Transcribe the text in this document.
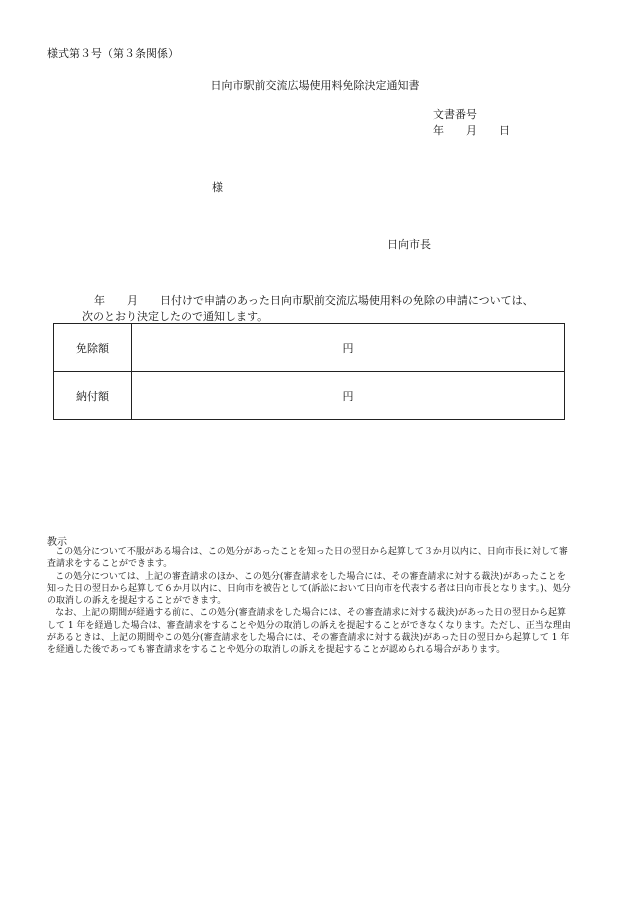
様式第３号（第３条関係）
日向市駅前交流広場使用料免除決定通知書
文書番号
年 月 日
様
日向市長
年　　月　　日付けで申請のあった日向市駅前交流広場使用料の免除の申請については、
次のとおり決定したので通知します。
免除額	円
納付額	円
教示

この処分について不服がある場合は、この処分があったことを知った日の翌日から起算して３か月以内に、日向市長に対して審査請求をすることができます。

この処分については、上記の審査請求のほか、この処分(審査請求をした場合には、その審査請求に対する裁決)があったことを知った日の翌日から起算して６か月以内に、日向市を被告として(訴訟において日向市を代表する者は日向市長となります。)、処分の取消しの訴えを提起することができます。

なお、上記の期間が経過する前に、この処分(審査請求をした場合には、その審査請求に対する裁決)があった日の翌日から起算して 1 年を経過した場合は、審査請求をすることや処分の取消しの訴えを提起することができなくなります。ただし、正当な理由があるときは、上記の期間やこの処分(審査請求をした場合には、その審査請求に対する裁決)があった日の翌日から起算して 1 年を経過した後であっても審査請求をすることや処分の取消しの訴えを提起することが認められる場合があります。
